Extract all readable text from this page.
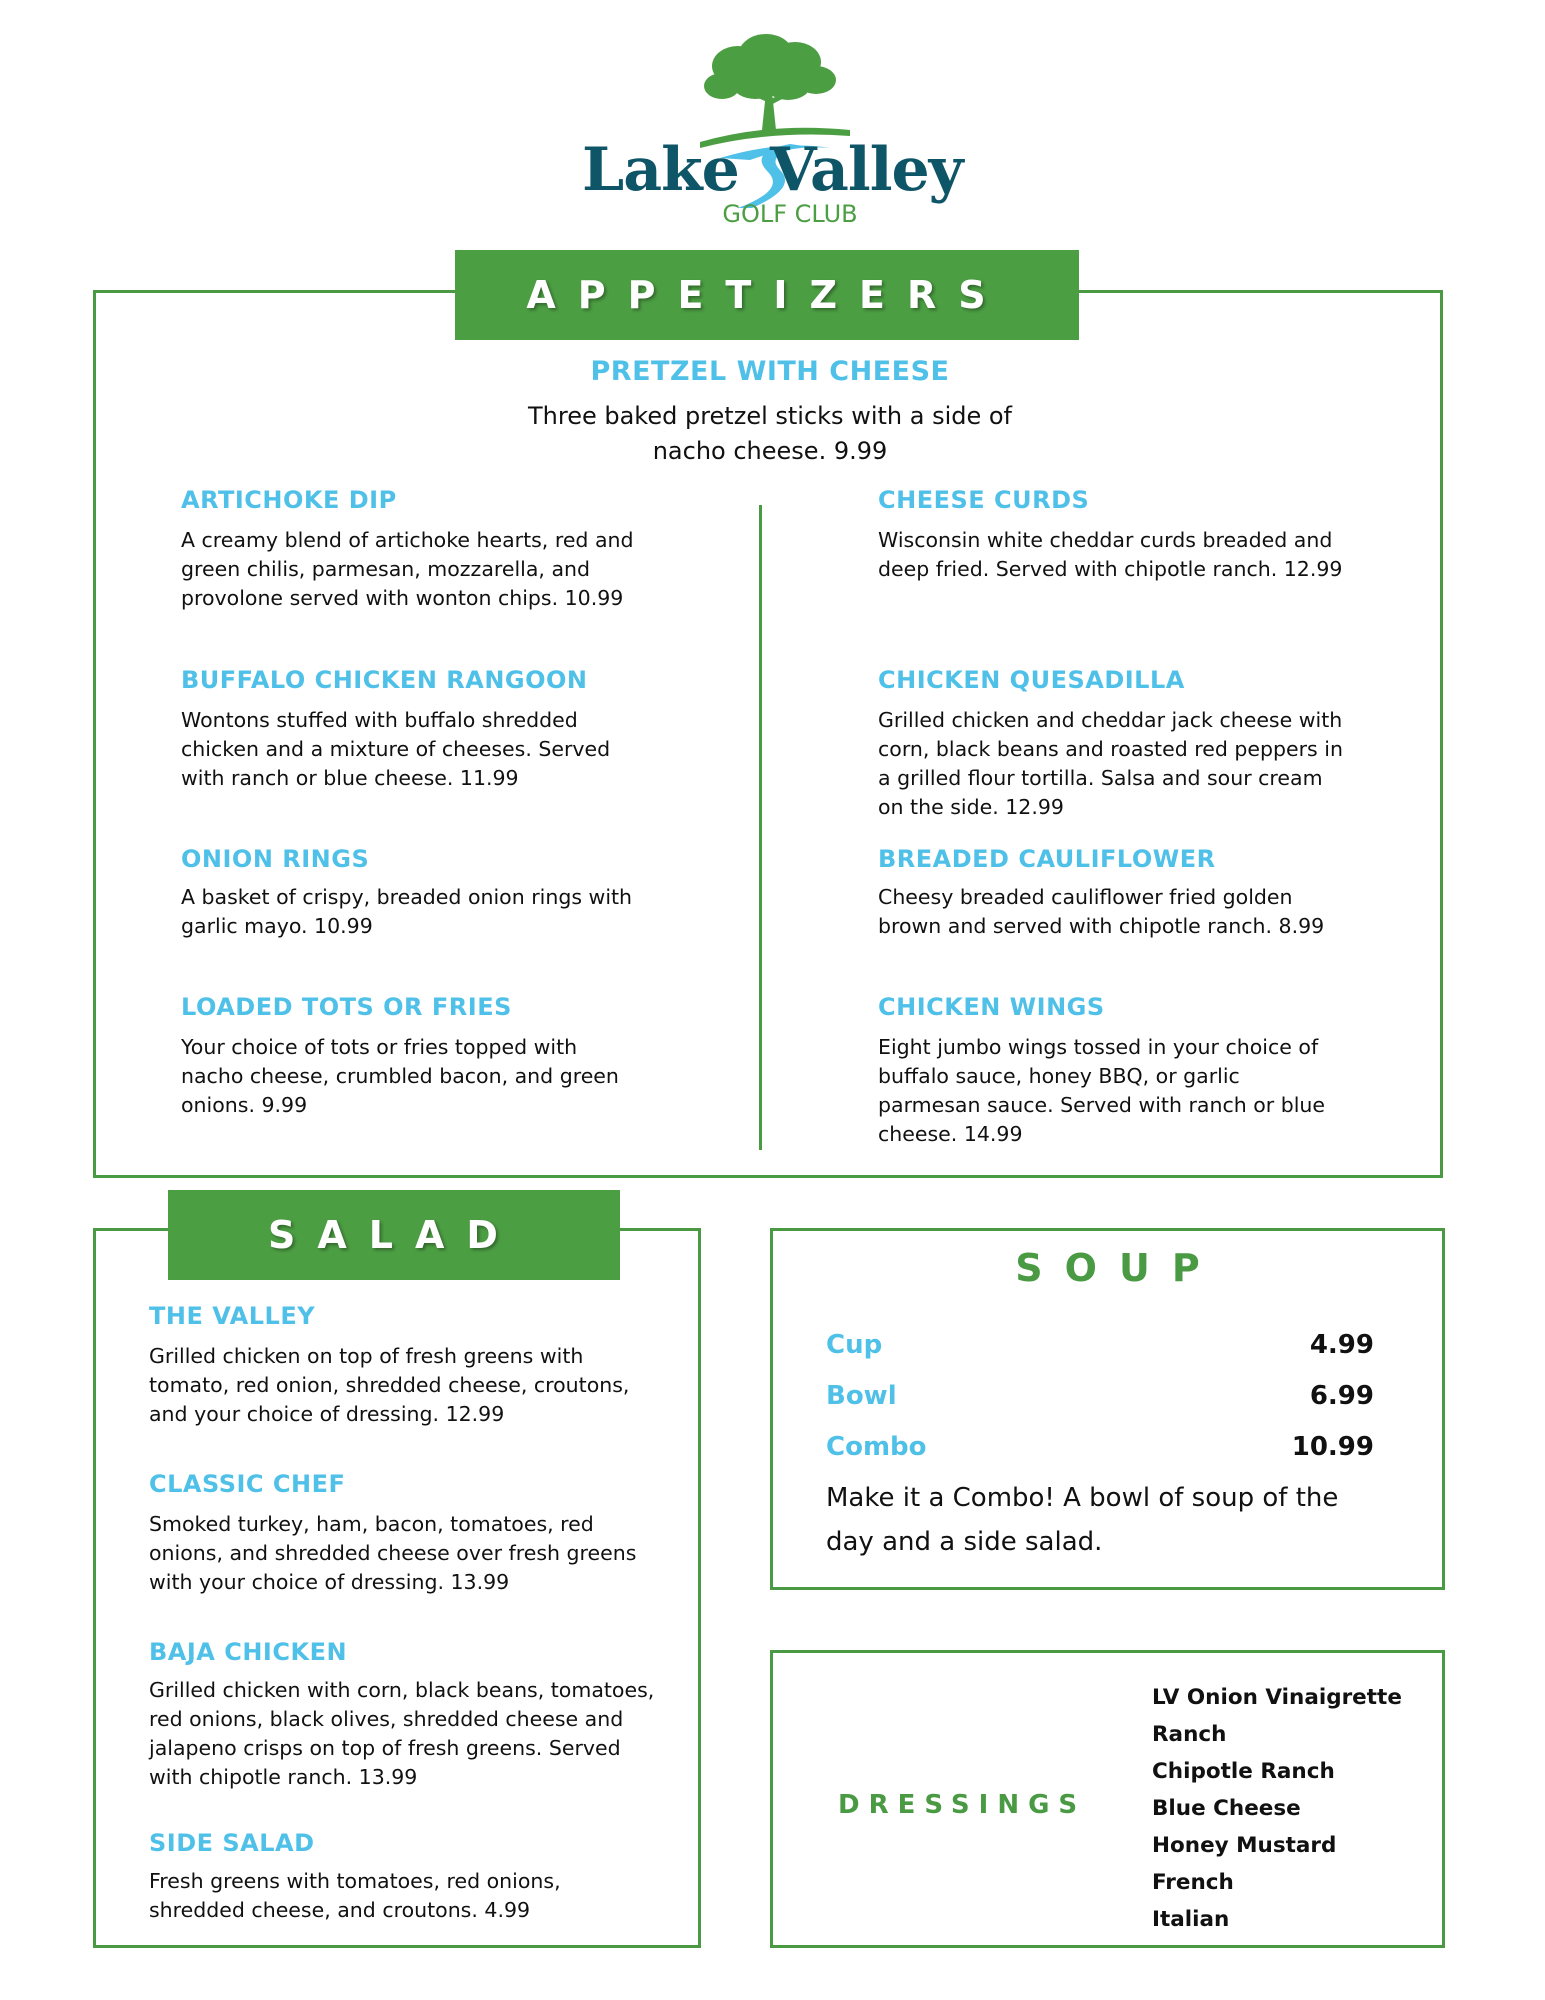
Lake Valley
GOLF CLUB
APPETIZERS
PRETZEL WITH CHEESE
Three baked pretzel sticks with a side of
nacho cheese. 9.99
ARTICHOKE DIP
A creamy blend of artichoke hearts, red and green chilis, parmesan, mozzarella, and provolone served with wonton chips. 10.99
BUFFALO CHICKEN RANGOON
Wontons stuffed with buffalo shredded chicken and a mixture of cheeses. Served with ranch or blue cheese. 11.99
ONION RINGS
A basket of crispy, breaded onion rings with garlic mayo. 10.99
LOADED TOTS OR FRIES
Your choice of tots or fries topped with nacho cheese, crumbled bacon, and green onions. 9.99
CHEESE CURDS
Wisconsin white cheddar curds breaded and deep fried. Served with chipotle ranch. 12.99
CHICKEN QUESADILLA
Grilled chicken and cheddar jack cheese with corn, black beans and roasted red peppers in a grilled flour tortilla. Salsa and sour cream on the side. 12.99
BREADED CAULIFLOWER
Cheesy breaded cauliflower fried golden brown and served with chipotle ranch. 8.99
CHICKEN WINGS
Eight jumbo wings tossed in your choice of buffalo sauce, honey BBQ, or garlic parmesan sauce. Served with ranch or blue cheese. 14.99
SALAD
THE VALLEY
Grilled chicken on top of fresh greens with tomato, red onion, shredded cheese, croutons, and your choice of dressing. 12.99
CLASSIC CHEF
Smoked turkey, ham, bacon, tomatoes, red onions, and shredded cheese over fresh greens with your choice of dressing. 13.99
BAJA CHICKEN
Grilled chicken with corn, black beans, tomatoes, red onions, black olives, shredded cheese and jalapeno crisps on top of fresh greens. Served with chipotle ranch. 13.99
SIDE SALAD
Fresh greens with tomatoes, red onions, shredded cheese, and croutons. 4.99
SOUP
Cup	4.99
Bowl	6.99
Combo	10.99
Make it a Combo! A bowl of soup of the
day and a side salad.
DRESSINGS
LV Onion Vinaigrette
Ranch
Chipotle Ranch
Blue Cheese
Honey Mustard
French
Italian
